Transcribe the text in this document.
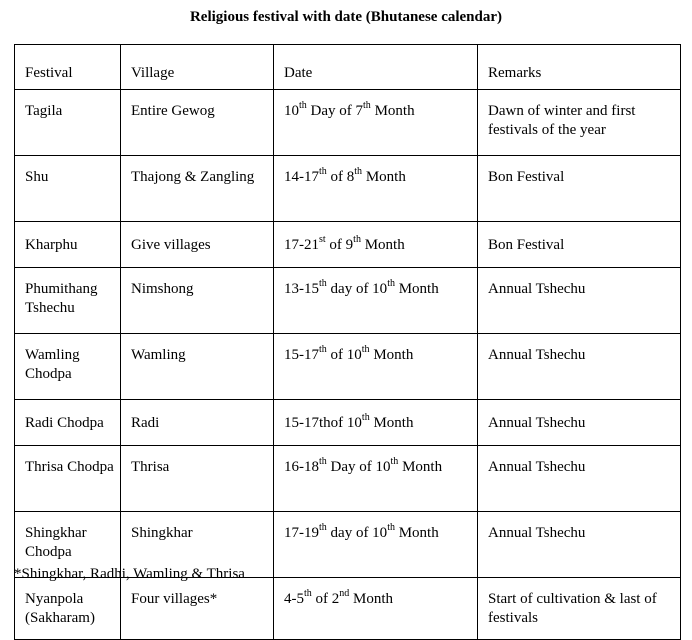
Religious festival with date (Bhutanese calendar)
Festival	Village	Date	Remarks
Tagila	Entire Gewog	10th Day of 7th Month	Dawn of winter and first festivals of the year
Shu	Thajong & Zangling	14-17th of 8th Month	Bon Festival
Kharphu	Give villages	17-21st of 9th Month	Bon Festival
Phumithang Tshechu	Nimshong	13-15th day of 10th Month	Annual Tshechu
Wamling Chodpa	Wamling	15-17th of 10th Month	Annual Tshechu
Radi Chodpa	Radi	15-17thof 10th Month	Annual Tshechu
Thrisa Chodpa	Thrisa	16-18th Day of 10th Month	Annual Tshechu
Shingkhar Chodpa	Shingkhar	17-19th day of 10th Month	Annual Tshechu
Nyanpola (Sakharam)	Four villages*	4-5th of 2nd Month	Start of cultivation & last of festivals
*Shingkhar, Radhi, Wamling & Thrisa
